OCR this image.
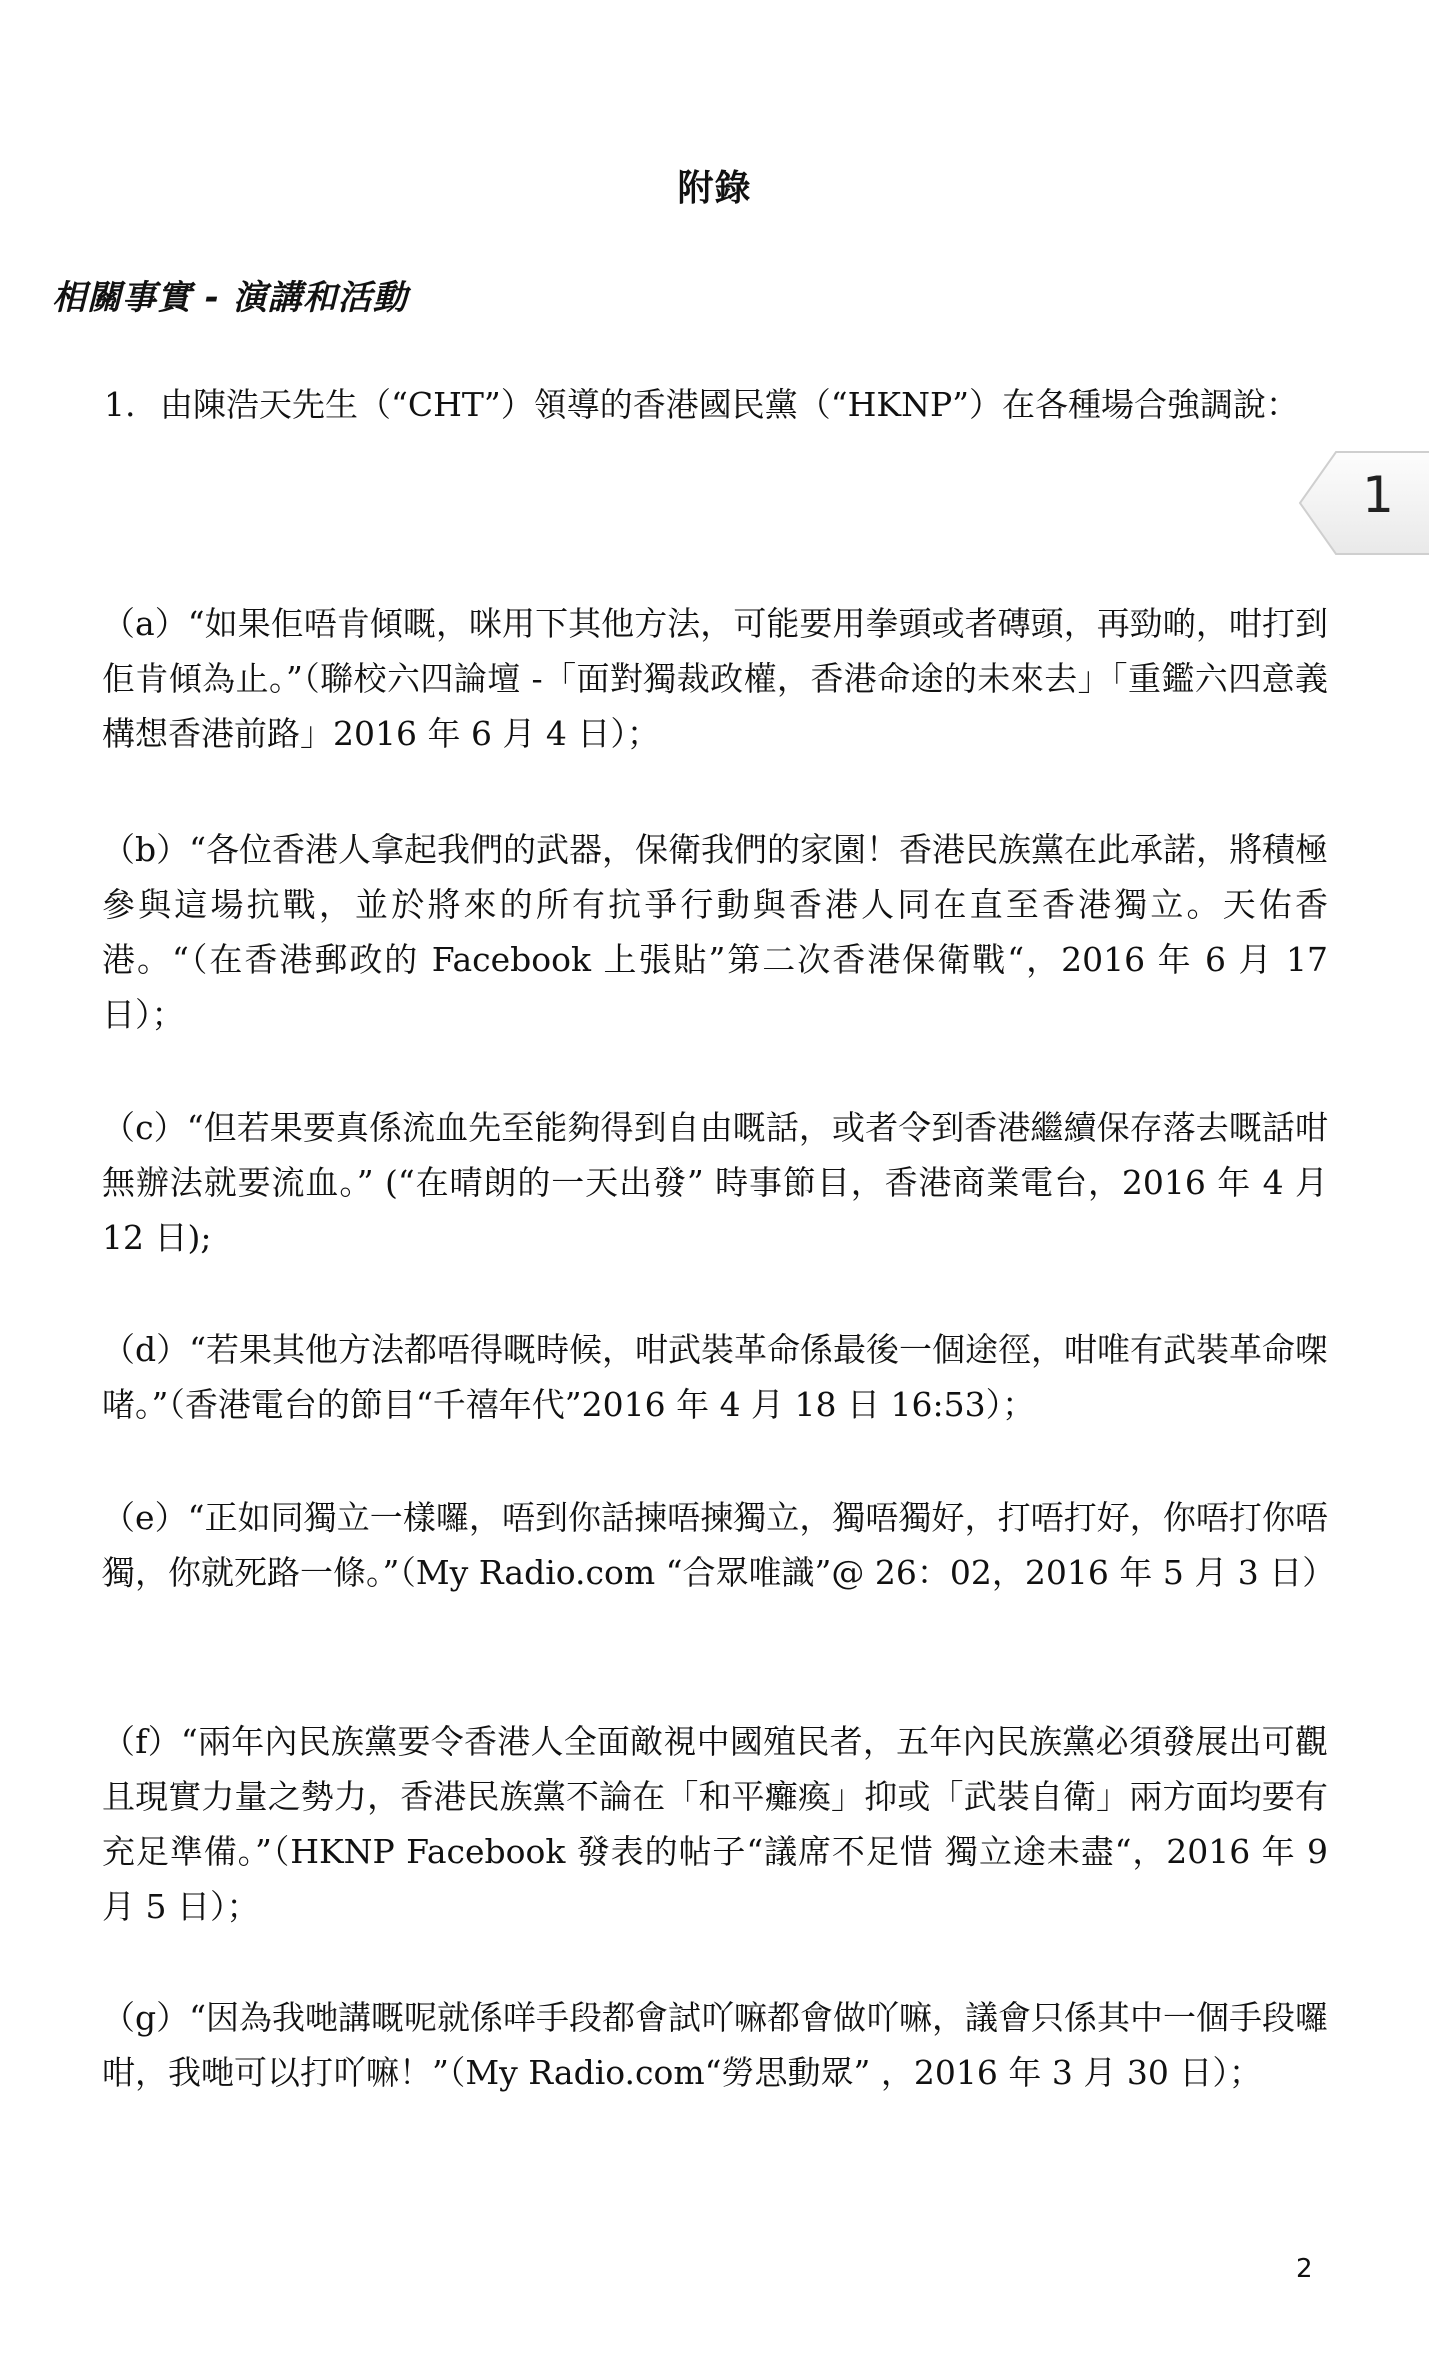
附錄
相關事實 - 演講和活動
1. 由陳浩天先生（“CHT”）領導的香港國民黨（“HKNP”）在各種場合強調說：
（a）“如果佢唔肯傾嘅，咪用下其他方法，可能要用拳頭或者磚頭，再勁啲，咁打到佢肯傾為止。”（聯校六四論壇 -「面對獨裁政權，香港命途的未來去」「重鑑六四意義構想香港前路」2016 年 6 月 4 日）；
（b）“各位香港人拿起我們的武器，保衛我們的家園！香港民族黨在此承諾，將積極參與這場抗戰，並於將來的所有抗爭行動與香港人同在直至香港獨立。天佑香港。“（在香港郵政的 Facebook 上張貼”第二次香港保衛戰“，2016 年 6 月 17 日）；
（c）“但若果要真係流血先至能夠得到自由嘅話，或者令到香港繼續保存落去嘅話咁無辦法就要流血。” (“在晴朗的一天出發” 時事節目，香港商業電台，2016 年 4 月 12 日);
（d）“若果其他方法都唔得嘅時候，咁武裝革命係最後一個途徑，咁唯有武裝革命㗎啫。”（香港電台的節目“千禧年代”2016 年 4 月 18 日 16:53）；
（e）“正如同獨立一樣囉，唔到你話揀唔揀獨立，獨唔獨好，打唔打好，你唔打你唔獨，你就死路一條。”（My Radio.com “合眾唯識”@ 26：02，2016 年 5 月 3 日）
（f）“兩年內民族黨要令香港人全面敵視中國殖民者，五年內民族黨必須發展出可觀且現實力量之勢力，香港民族黨不論在「和平癱瘓」抑或「武裝自衛」兩方面均要有充足準備。”（HKNP Facebook 發表的帖子“議席不足惜 獨立途未盡“，2016 年 9 月 5 日）；
（g）“因為我哋講嘅呢就係咩手段都會試吖嘛都會做吖嘛，議會只係其中一個手段囉咁，我哋可以打吖嘛！”（My Radio.com“勞思動眾” ，2016 年 3 月 30 日）；
1
2
